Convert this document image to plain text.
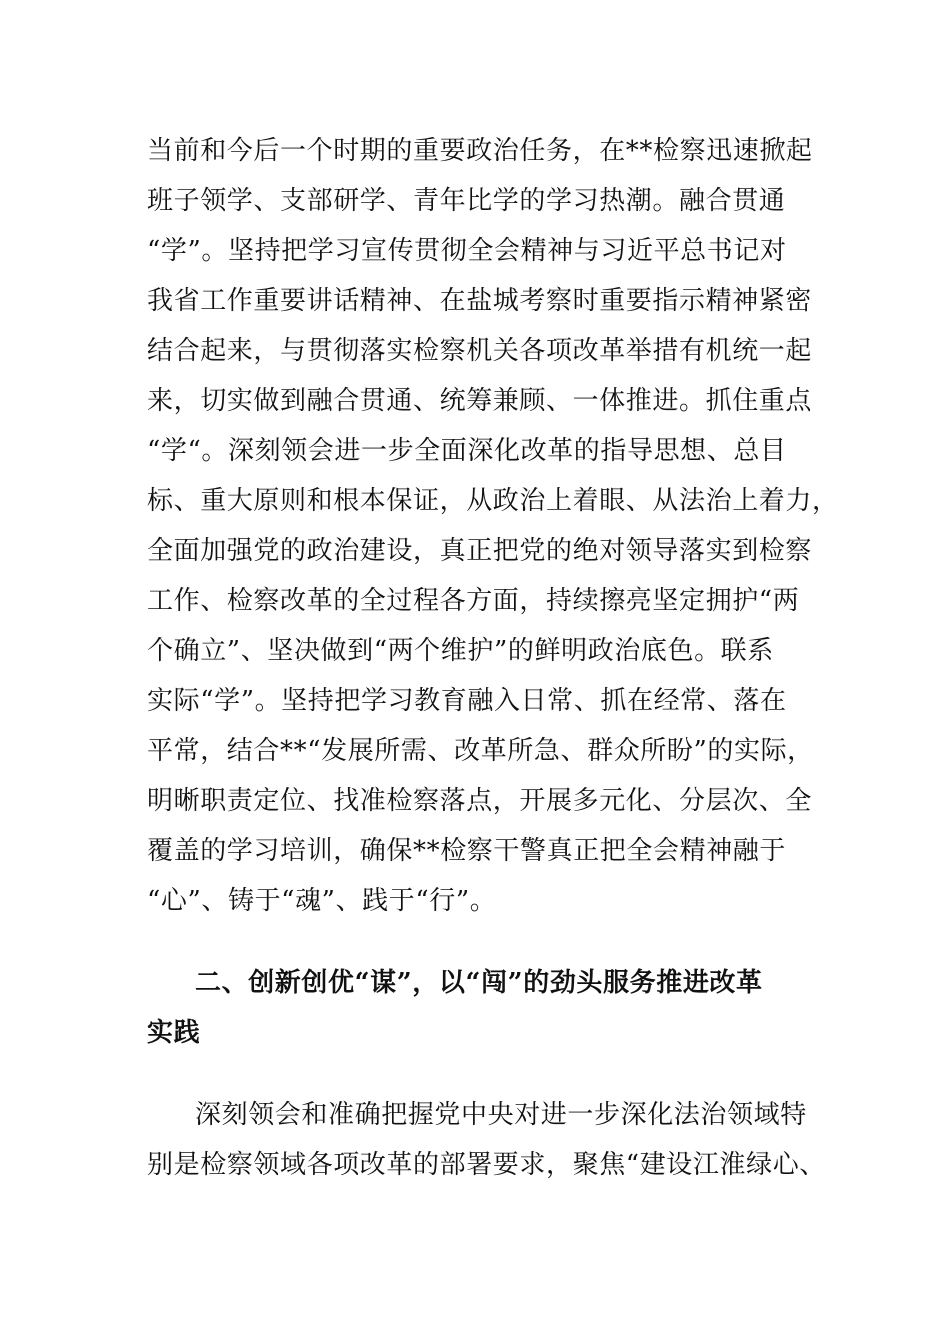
当前和今后一个时期的重要政治任务，在**检察迅速掀起
班子领学、支部研学、青年比学的学习热潮。融合贯通
“学”。坚持把学习宣传贯彻全会精神与习近平总书记对
我省工作重要讲话精神、在盐城考察时重要指示精神紧密
结合起来，与贯彻落实检察机关各项改革举措有机统一起
来，切实做到融合贯通、统筹兼顾、一体推进。抓住重点
“学“。深刻领会进一步全面深化改革的指导思想、总目
标、重大原则和根本保证，从政治上着眼、从法治上着力，
全面加强党的政治建设，真正把党的绝对领导落实到检察
工作、检察改革的全过程各方面，持续擦亮坚定拥护“两
个确立”、坚决做到“两个维护”的鲜明政治底色。联系
实际“学”。坚持把学习教育融入日常、抓在经常、落在
平常，结合**“发展所需、改革所急、群众所盼”的实际，
明晰职责定位、找准检察落点，开展多元化、分层次、全
覆盖的学习培训，确保**检察干警真正把全会精神融于
“心”、铸于“魂”、践于“行”。
二、创新创优“谋”，以“闯”的劲头服务推进改革
实践
深刻领会和准确把握党中央对进一步深化法治领域特
别是检察领域各项改革的部署要求，聚焦“建设江淮绿心、
